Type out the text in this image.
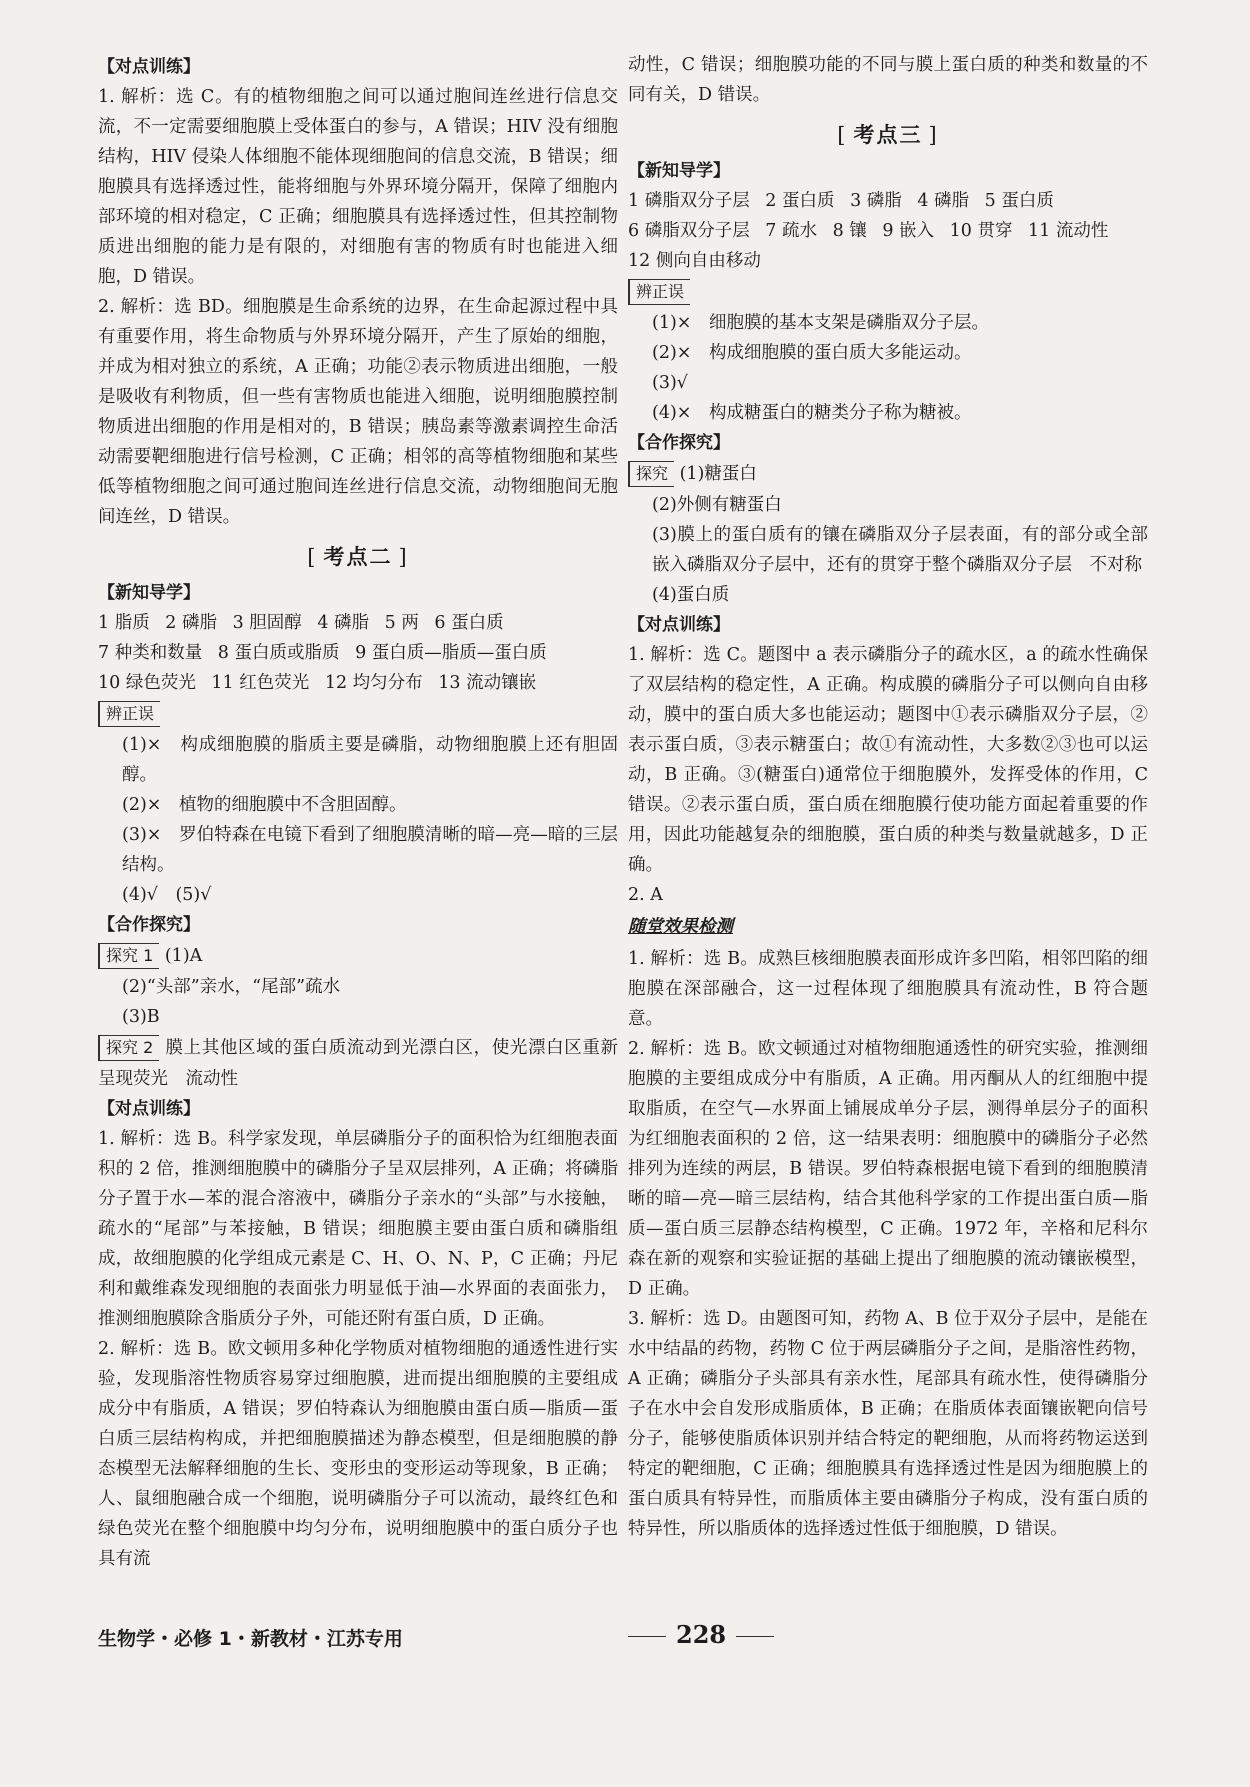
【对点训练】
1. 解析：选 C。有的植物细胞之间可以通过胞间连丝进行信息交流，不一定需要细胞膜上受体蛋白的参与，A 错误；HIV 没有细胞结构，HIV 侵染人体细胞不能体现细胞间的信息交流，B 错误；细胞膜具有选择透过性，能将细胞与外界环境分隔开，保障了细胞内部环境的相对稳定，C 正确；细胞膜具有选择透过性，但其控制物质进出细胞的能力是有限的，对细胞有害的物质有时也能进入细胞，D 错误。
2. 解析：选 BD。细胞膜是生命系统的边界，在生命起源过程中具有重要作用，将生命物质与外界环境分隔开，产生了原始的细胞，并成为相对独立的系统，A 正确；功能②表示物质进出细胞，一般是吸收有利物质，但一些有害物质也能进入细胞，说明细胞膜控制物质进出细胞的作用是相对的，B 错误；胰岛素等激素调控生命活动需要靶细胞进行信号检测，C 正确；相邻的高等植物细胞和某些低等植物细胞之间可通过胞间连丝进行信息交流，动物细胞间无胞间连丝，D 错误。
[ 考点二 ]
【新知导学】
1 脂质 2 磷脂 3 胆固醇 4 磷脂 5 两 6 蛋白质
7 种类和数量 8 蛋白质或脂质 9 蛋白质—脂质—蛋白质
10 绿色荧光 11 红色荧光 12 均匀分布 13 流动镶嵌
辨正误
(1)×　构成细胞膜的脂质主要是磷脂，动物细胞膜上还有胆固醇。
(2)×　植物的细胞膜中不含胆固醇。
(3)×　罗伯特森在电镜下看到了细胞膜清晰的暗—亮—暗的三层结构。
(4)√　(5)√
【合作探究】
探究 1 (1)A
(2)“头部”亲水，“尾部”疏水
(3)B
探究 2 膜上其他区域的蛋白质流动到光漂白区，使光漂白区重新呈现荧光　流动性
【对点训练】
1. 解析：选 B。科学家发现，单层磷脂分子的面积恰为红细胞表面积的 2 倍，推测细胞膜中的磷脂分子呈双层排列，A 正确；将磷脂分子置于水—苯的混合溶液中，磷脂分子亲水的“头部”与水接触，疏水的“尾部”与苯接触，B 错误；细胞膜主要由蛋白质和磷脂组成，故细胞膜的化学组成元素是 C、H、O、N、P，C 正确；丹尼利和戴维森发现细胞的表面张力明显低于油—水界面的表面张力，推测细胞膜除含脂质分子外，可能还附有蛋白质，D 正确。
2. 解析：选 B。欧文顿用多种化学物质对植物细胞的通透性进行实验，发现脂溶性物质容易穿过细胞膜，进而提出细胞膜的主要组成成分中有脂质，A 错误；罗伯特森认为细胞膜由蛋白质—脂质—蛋白质三层结构构成，并把细胞膜描述为静态模型，但是细胞膜的静态模型无法解释细胞的生长、变形虫的变形运动等现象，B 正确；人、鼠细胞融合成一个细胞，说明磷脂分子可以流动，最终红色和绿色荧光在整个细胞膜中均匀分布，说明细胞膜中的蛋白质分子也具有流
动性，C 错误；细胞膜功能的不同与膜上蛋白质的种类和数量的不同有关，D 错误。
[ 考点三 ]
【新知导学】
1 磷脂双分子层 2 蛋白质 3 磷脂 4 磷脂 5 蛋白质
6 磷脂双分子层 7 疏水 8 镶 9 嵌入 10 贯穿 11 流动性
12 侧向自由移动
辨正误
(1)×　细胞膜的基本支架是磷脂双分子层。
(2)×　构成细胞膜的蛋白质大多能运动。
(3)√
(4)×　构成糖蛋白的糖类分子称为糖被。
【合作探究】
探究 (1)糖蛋白
(2)外侧有糖蛋白
(3)膜上的蛋白质有的镶在磷脂双分子层表面，有的部分或全部嵌入磷脂双分子层中，还有的贯穿于整个磷脂双分子层　不对称
(4)蛋白质
【对点训练】
1. 解析：选 C。题图中 a 表示磷脂分子的疏水区，a 的疏水性确保了双层结构的稳定性，A 正确。构成膜的磷脂分子可以侧向自由移动，膜中的蛋白质大多也能运动；题图中①表示磷脂双分子层，②表示蛋白质，③表示糖蛋白；故①有流动性，大多数②③也可以运动，B 正确。③(糖蛋白)通常位于细胞膜外，发挥受体的作用，C 错误。②表示蛋白质，蛋白质在细胞膜行使功能方面起着重要的作用，因此功能越复杂的细胞膜，蛋白质的种类与数量就越多，D 正确。
2. A
随堂效果检测
1. 解析：选 B。成熟巨核细胞膜表面形成许多凹陷，相邻凹陷的细胞膜在深部融合，这一过程体现了细胞膜具有流动性，B 符合题意。
2. 解析：选 B。欧文顿通过对植物细胞通透性的研究实验，推测细胞膜的主要组成成分中有脂质，A 正确。用丙酮从人的红细胞中提取脂质，在空气—水界面上铺展成单分子层，测得单层分子的面积为红细胞表面积的 2 倍，这一结果表明：细胞膜中的磷脂分子必然排列为连续的两层，B 错误。罗伯特森根据电镜下看到的细胞膜清晰的暗—亮—暗三层结构，结合其他科学家的工作提出蛋白质—脂质—蛋白质三层静态结构模型，C 正确。1972 年，辛格和尼科尔森在新的观察和实验证据的基础上提出了细胞膜的流动镶嵌模型，D 正确。
3. 解析：选 D。由题图可知，药物 A、B 位于双分子层中，是能在水中结晶的药物，药物 C 位于两层磷脂分子之间，是脂溶性药物，A 正确；磷脂分子头部具有亲水性，尾部具有疏水性，使得磷脂分子在水中会自发形成脂质体，B 正确；在脂质体表面镶嵌靶向信号分子，能够使脂质体识别并结合特定的靶细胞，从而将药物运送到特定的靶细胞，C 正确；细胞膜具有选择透过性是因为细胞膜上的蛋白质具有特异性，而脂质体主要由磷脂分子构成，没有蛋白质的特异性，所以脂质体的选择透过性低于细胞膜，D 错误。
生物学・必修 1・新教材・江苏专用	228
